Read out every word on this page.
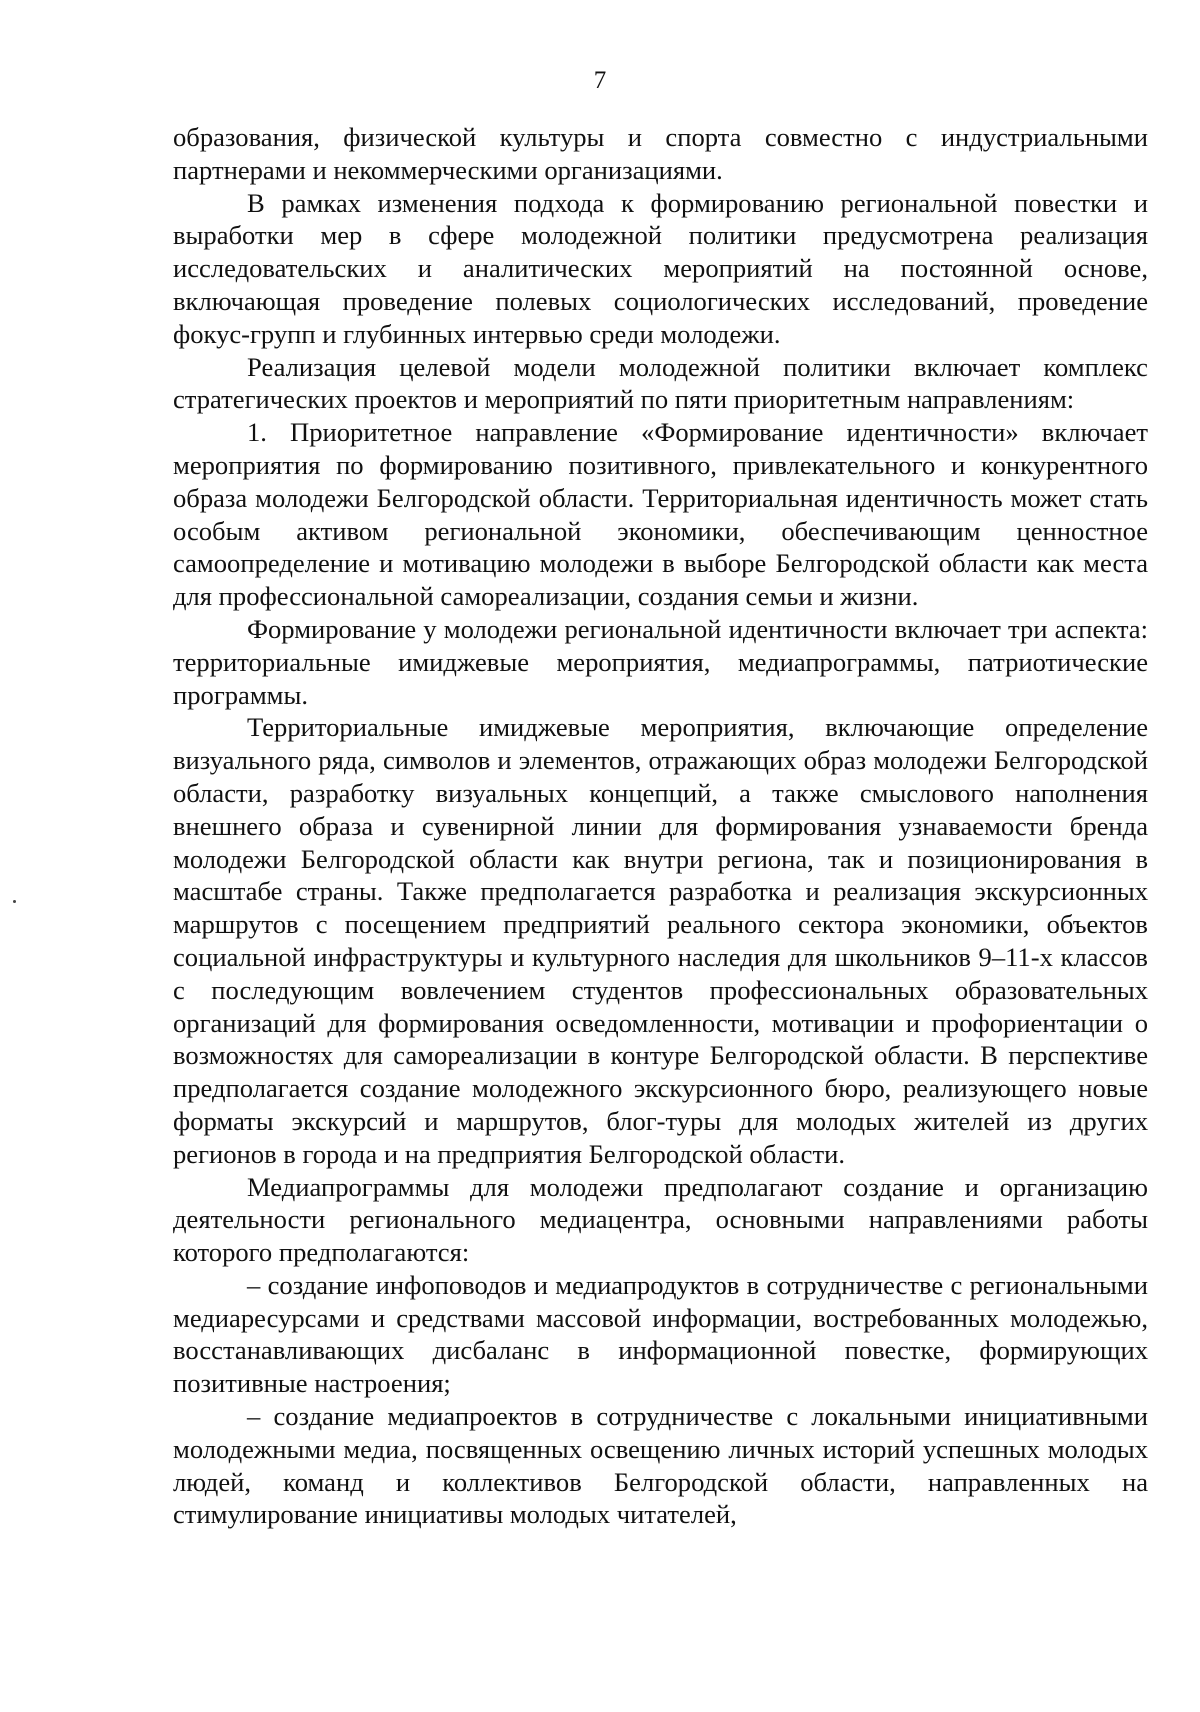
7

образования, физической культуры и спорта совместно с индустриальными партнерами и некоммерческими организациями.

В рамках изменения подхода к формированию региональной повестки и выработки мер в сфере молодежной политики предусмотрена реализация исследовательских и аналитических мероприятий на постоянной основе, включающая проведение полевых социологических исследований, проведение фокус-групп и глубинных интервью среди молодежи.

Реализация целевой модели молодежной политики включает комплекс стратегических проектов и мероприятий по пяти приоритетным направлениям:

1. Приоритетное направление «Формирование идентичности» включает мероприятия по формированию позитивного, привлекательного и конкурентного образа молодежи Белгородской области. Территориальная идентичность может стать особым активом региональной экономики, обеспечивающим ценностное самоопределение и мотивацию молодежи в выборе Белгородской области как места для профессиональной самореализации, создания семьи и жизни.

Формирование у молодежи региональной идентичности включает три аспекта: территориальные имиджевые мероприятия, медиапрограммы, патриотические программы.

Территориальные имиджевые мероприятия, включающие определение визуального ряда, символов и элементов, отражающих образ молодежи Белгородской области, разработку визуальных концепций, а также смыслового наполнения внешнего образа и сувенирной линии для формирования узнаваемости бренда молодежи Белгородской области как внутри региона, так и позиционирования в масштабе страны. Также предполагается разработка и реализация экскурсионных маршрутов с посещением предприятий реального сектора экономики, объектов социальной инфраструктуры и культурного наследия для школьников 9–11-х классов с последующим вовлечением студентов профессиональных образовательных организаций для формирования осведомленности, мотивации и профориентации о возможностях для самореализации в контуре Белгородской области. В перспективе предполагается создание молодежного экскурсионного бюро, реализующего новые форматы экскурсий и маршрутов, блог-туры для молодых жителей из других регионов в города и на предприятия Белгородской области.

Медиапрограммы для молодежи предполагают создание и организацию деятельности регионального медиацентра, основными направлениями работы которого предполагаются:

– создание инфоповодов и медиапродуктов в сотрудничестве с региональными медиаресурсами и средствами массовой информации, востребованных молодежью, восстанавливающих дисбаланс в информационной повестке, формирующих позитивные настроения;

– создание медиапроектов в сотрудничестве с локальными инициативными молодежными медиа, посвященных освещению личных историй успешных молодых людей, команд и коллективов Белгородской области, направленных на стимулирование инициативы молодых читателей,
